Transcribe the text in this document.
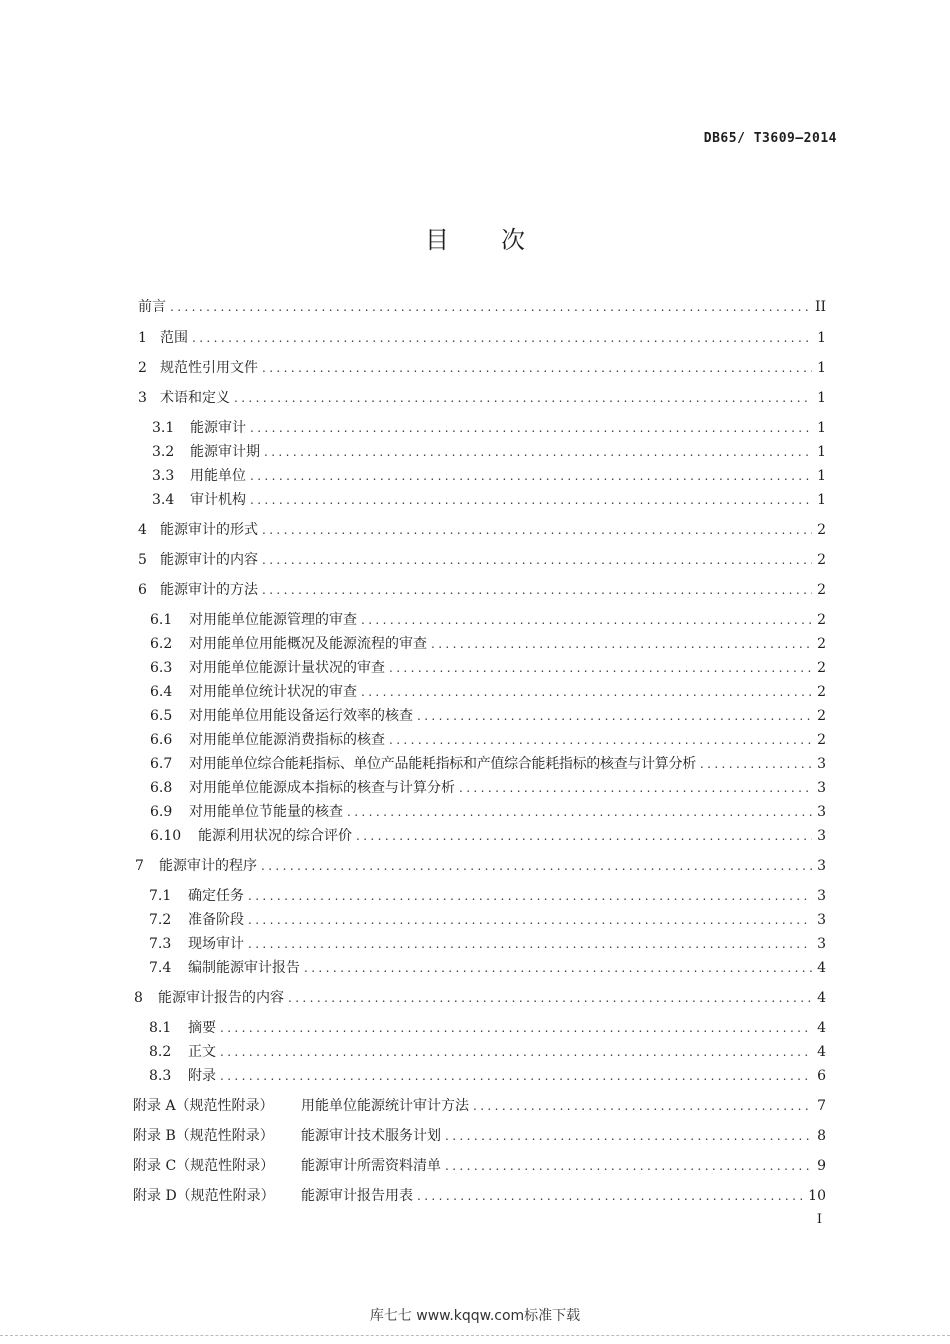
DB65/ T3609—2014
目次
前言 .....	II
1 范围 .....	1
2 规范性引用文件 .....	1
3 术语和定义 .....	1
3.1	能源审计 .....	1
3.2	能源审计期 .....	1
3.3	用能单位 .....	1
3.4	审计机构 .....	1
4 能源审计的形式 .....	2
5 能源审计的内容 .....	2
6 能源审计的方法 .....	2
6.1	对用能单位能源管理的审查 .....	2
6.2	对用能单位用能概况及能源流程的审查 .....	2
6.3	对用能单位能源计量状况的审查 .....	2
6.4	对用能单位统计状况的审查 .....	2
6.5	对用能单位用能设备运行效率的核查 .....	2
6.6	对用能单位能源消费指标的核查 .....	2
6.7	对用能单位综合能耗指标、单位产品能耗指标和产值综合能耗指标的核查与计算分析 .....	3
6.8	对用能单位能源成本指标的核查与计算分析 .....	3
6.9	对用能单位节能量的核查 .....	3
6.10	能源利用状况的综合评价 .....	3
7	能源审计的程序 .....	3
7.1	确定任务 .....	3
7.2	准备阶段 .....	3
7.3	现场审计 .....	3
7.4	编制能源审计报告 .....	4
8	能源审计报告的内容 .....	4
8.1	摘要 .....	4
8.2	正文 .....	4
8.3	附录 .....	6
附录 A（规范性附录）	用能单位能源统计审计方法 .....	7
附录 B（规范性附录）	能源审计技术服务计划 .....	8
附录 C（规范性附录）	能源审计所需资料清单 .....	9
附录 D（规范性附录）	能源审计报告用表 .....	10
I
库七七 www.kqqw.com标准下载
